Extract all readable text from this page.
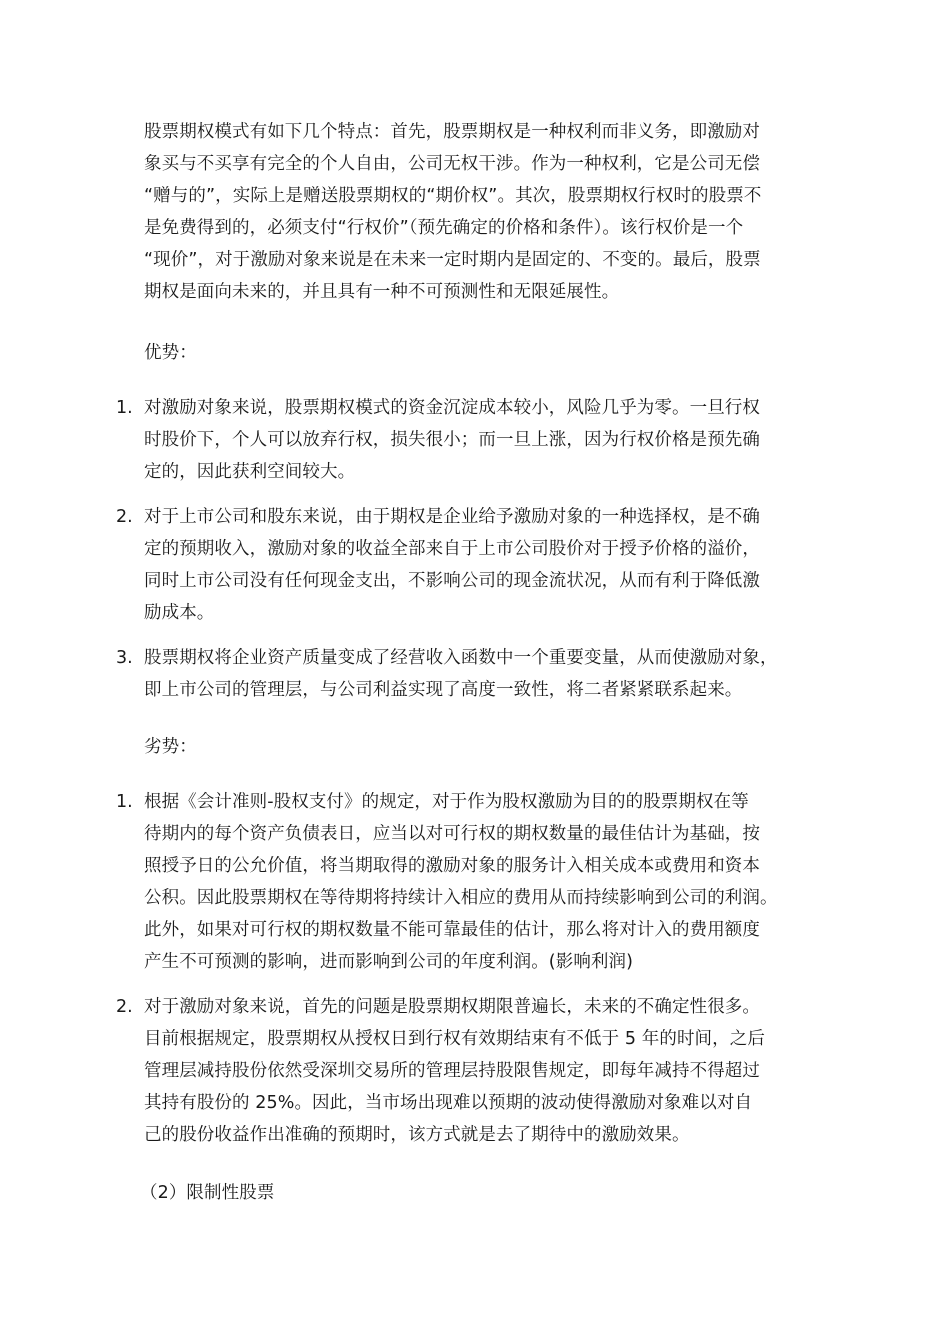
股票期权模式有如下几个特点：首先，股票期权是一种权利而非义务，即激励对
象买与不买享有完全的个人自由，公司无权干涉。作为一种权利，它是公司无偿
“赠与的”，实际上是赠送股票期权的“期价权”。其次，股票期权行权时的股票不
是免费得到的，必须支付“行权价”（预先确定的价格和条件）。该行权价是一个
“现价”，对于激励对象来说是在未来一定时期内是固定的、不变的。最后，股票
期权是面向未来的，并且具有一种不可预测性和无限延展性。
优势：
1. 对激励对象来说，股票期权模式的资金沉淀成本较小，风险几乎为零。一旦行权
时股价下，个人可以放弃行权，损失很小；而一旦上涨，因为行权价格是预先确
定的，因此获利空间较大。
2. 对于上市公司和股东来说，由于期权是企业给予激励对象的一种选择权，是不确
定的预期收入，激励对象的收益全部来自于上市公司股价对于授予价格的溢价，
同时上市公司没有任何现金支出，不影响公司的现金流状况，从而有利于降低激
励成本。
3. 股票期权将企业资产质量变成了经营收入函数中一个重要变量，从而使激励对象，
即上市公司的管理层，与公司利益实现了高度一致性，将二者紧紧联系起来。
劣势：
1. 根据《会计准则-股权支付》的规定，对于作为股权激励为目的的股票期权在等
待期内的每个资产负债表日，应当以对可行权的期权数量的最佳估计为基础，按
照授予日的公允价值，将当期取得的激励对象的服务计入相关成本或费用和资本
公积。因此股票期权在等待期将持续计入相应的费用从而持续影响到公司的利润。
此外，如果对可行权的期权数量不能可靠最佳的估计，那么将对计入的费用额度
产生不可预测的影响，进而影响到公司的年度利润。(影响利润)
2. 对于激励对象来说，首先的问题是股票期权期限普遍长，未来的不确定性很多。
目前根据规定，股票期权从授权日到行权有效期结束有不低于 5 年的时间，之后
管理层减持股份依然受深圳交易所的管理层持股限售规定，即每年减持不得超过
其持有股份的 25%。因此，当市场出现难以预期的波动使得激励对象难以对自
己的股份收益作出准确的预期时，该方式就是去了期待中的激励效果。
（2）限制性股票
